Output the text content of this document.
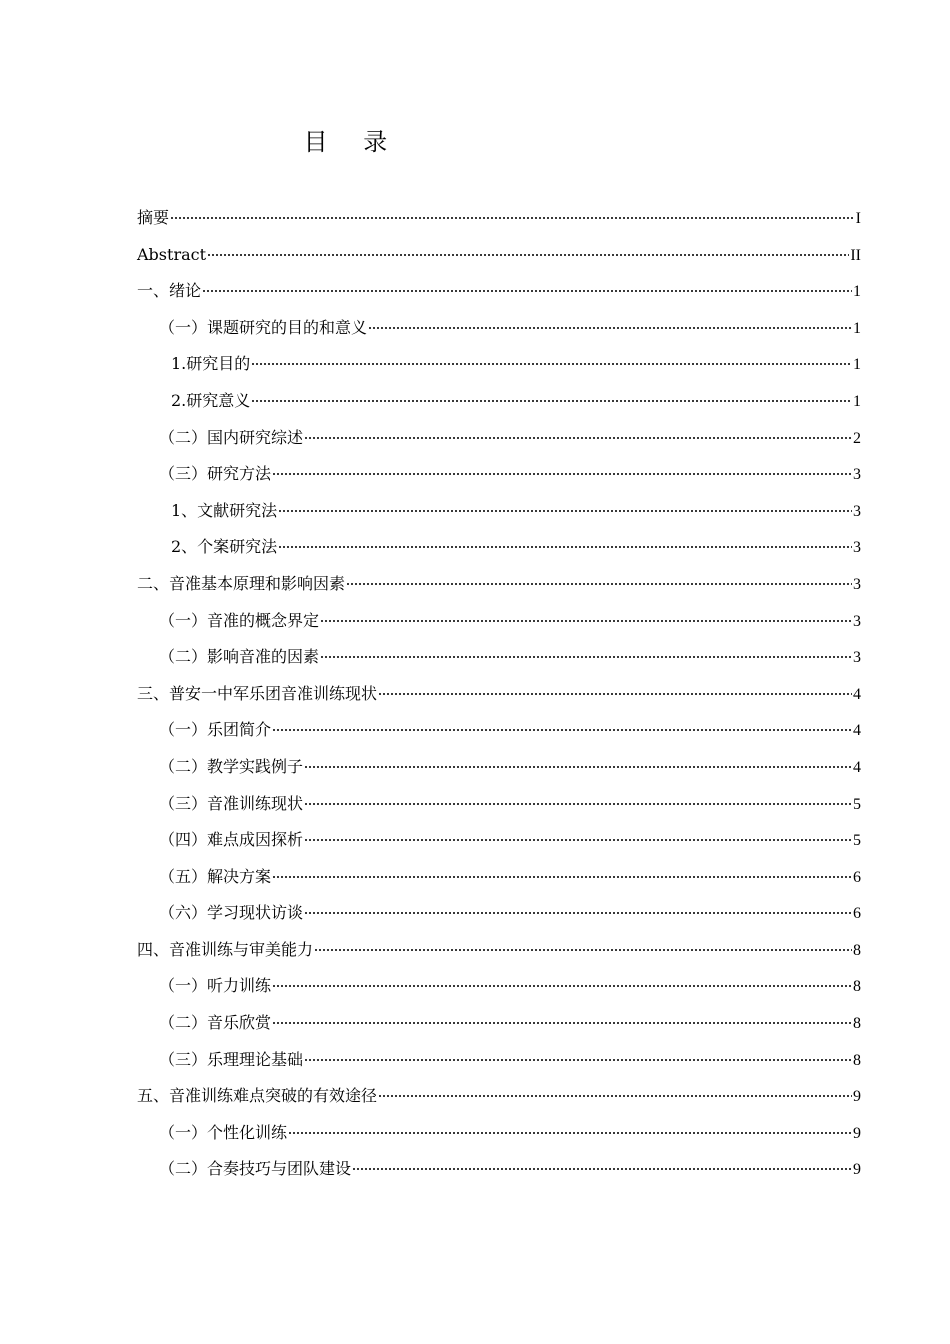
目 录
摘要	I
Abstract	II
一、绪论	1
（一）课题研究的目的和意义	1
1.研究目的	1
2.研究意义	1
（二）国内研究综述	2
（三）研究方法	3
1、文献研究法	3
2、个案研究法	3
二、音准基本原理和影响因素	3
（一）音准的概念界定	3
（二）影响音准的因素	3
三、普安一中军乐团音准训练现状	4
（一）乐团简介	4
（二）教学实践例子	4
（三）音准训练现状	5
（四）难点成因探析	5
（五）解决方案	6
（六）学习现状访谈	6
四、音准训练与审美能力	8
（一）听力训练	8
（二）音乐欣赏	8
（三）乐理理论基础	8
五、音准训练难点突破的有效途径	9
（一）个性化训练	9
（二）合奏技巧与团队建设	9
